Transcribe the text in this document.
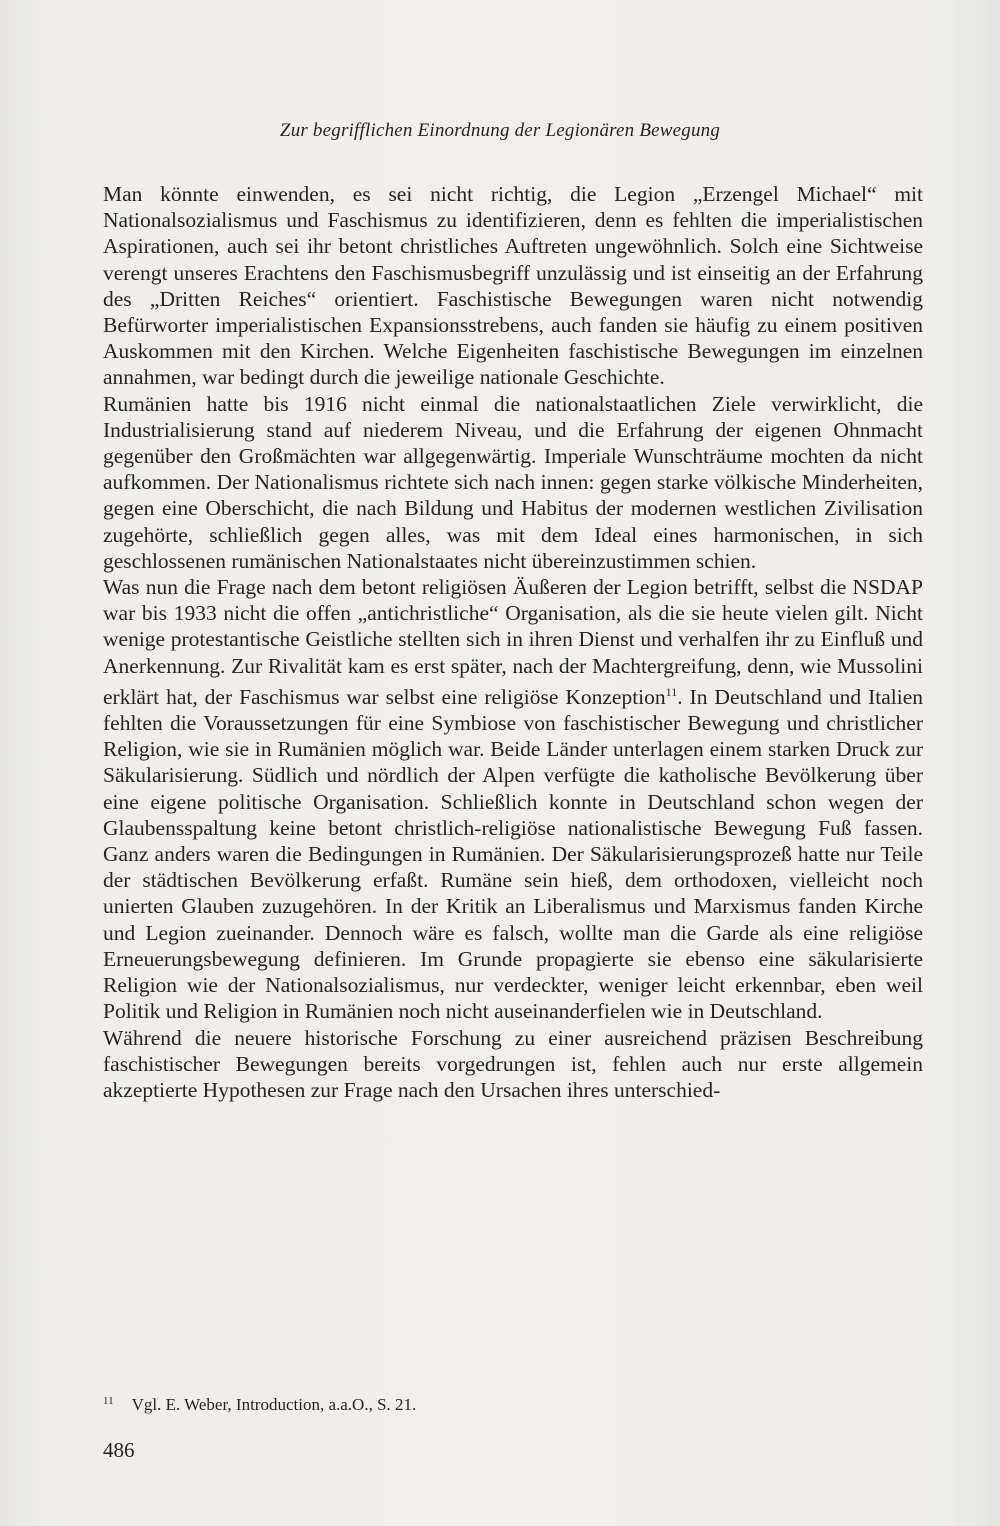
Zur begrifflichen Einordnung der Legionären Bewegung

Man könnte einwenden, es sei nicht richtig, die Legion „Erzengel Michael“ mit Nationalsozialismus und Faschismus zu identifizieren, denn es fehlten die imperialistischen Aspirationen, auch sei ihr betont christliches Auftreten ungewöhnlich. Solch eine Sichtweise verengt unseres Erachtens den Faschismusbegriff unzulässig und ist einseitig an der Erfahrung des „Dritten Reiches“ orientiert. Faschistische Bewegungen waren nicht notwendig Befürworter imperialistischen Expansionsstrebens, auch fanden sie häufig zu einem positiven Auskommen mit den Kirchen. Welche Eigenheiten faschistische Bewegungen im einzelnen annahmen, war bedingt durch die jeweilige nationale Geschichte.

Rumänien hatte bis 1916 nicht einmal die nationalstaatlichen Ziele verwirklicht, die Industrialisierung stand auf niederem Niveau, und die Erfahrung der eigenen Ohnmacht gegenüber den Großmächten war allgegenwärtig. Imperiale Wunschträume mochten da nicht aufkommen. Der Nationalismus richtete sich nach innen: gegen starke völkische Minderheiten, gegen eine Oberschicht, die nach Bildung und Habitus der modernen westlichen Zivilisation zugehörte, schließlich gegen alles, was mit dem Ideal eines harmonischen, in sich geschlossenen rumänischen Nationalstaates nicht übereinzustimmen schien.

Was nun die Frage nach dem betont religiösen Äußeren der Legion betrifft, selbst die NSDAP war bis 1933 nicht die offen „antichristliche“ Organisation, als die sie heute vielen gilt. Nicht wenige protestantische Geistliche stellten sich in ihren Dienst und verhalfen ihr zu Einfluß und Anerkennung. Zur Rivalität kam es erst später, nach der Machtergreifung, denn, wie Mussolini erklärt hat, der Faschismus war selbst eine religiöse Konzeption$^{11}$. In Deutschland und Italien fehlten die Voraussetzungen für eine Symbiose von faschistischer Bewegung und christlicher Religion, wie sie in Rumänien möglich war. Beide Länder unterlagen einem starken Druck zur Säkularisierung. Südlich und nördlich der Alpen verfügte die katholische Bevölkerung über eine eigene politische Organisation. Schließlich konnte in Deutschland schon wegen der Glaubensspaltung keine betont christlich-religiöse nationalistische Bewegung Fuß fassen. Ganz anders waren die Bedingungen in Rumänien. Der Säkularisierungsprozeß hatte nur Teile der städtischen Bevölkerung erfaßt. Rumäne sein hieß, dem orthodoxen, vielleicht noch unierten Glauben zuzugehören. In der Kritik an Liberalismus und Marxismus fanden Kirche und Legion zueinander. Dennoch wäre es falsch, wollte man die Garde als eine religiöse Erneuerungsbewegung definieren. Im Grunde propagierte sie ebenso eine säkularisierte Religion wie der Nationalsozialismus, nur verdeckter, weniger leicht erkennbar, eben weil Politik und Religion in Rumänien noch nicht auseinanderfielen wie in Deutschland.

Während die neuere historische Forschung zu einer ausreichend präzisen Beschreibung faschistischer Bewegungen bereits vorgedrungen ist, fehlen auch nur erste allgemein akzeptierte Hypothesen zur Frage nach den Ursachen ihres unterschied-

$^{11}$ Vgl. E. Weber, Introduction, a.a.O., S. 21.
486
